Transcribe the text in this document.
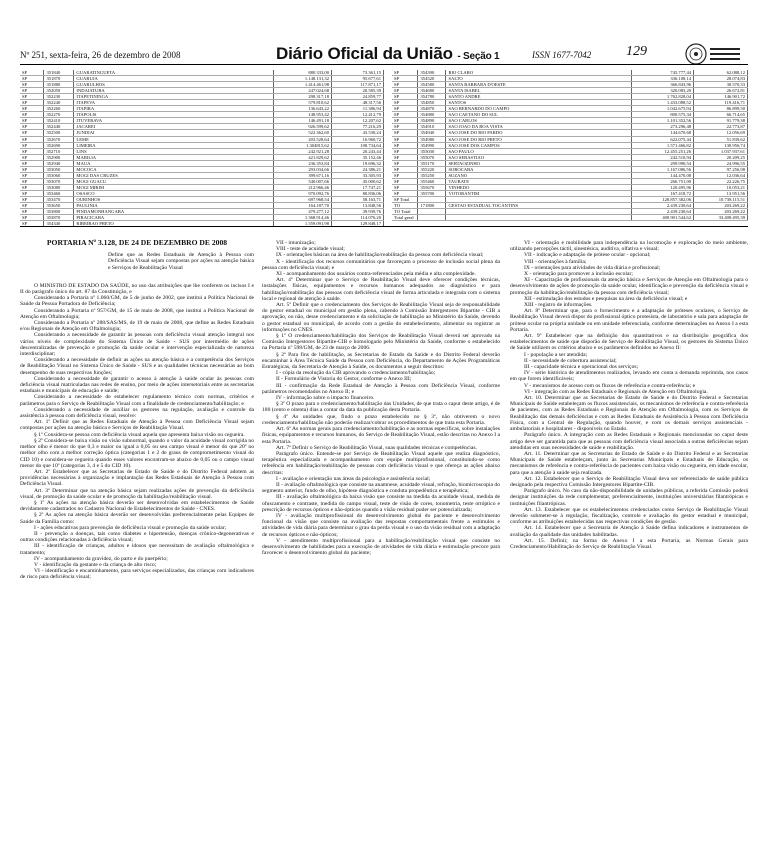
Nº 251, sexta-feira, 26 de dezembro de 2008	Diário Oficial da União - Seção 1	ISSN 1677-7042 129
SP	351840	GUARATINGUETA	880.333,00	73.361,15
SP	351870	GUARUJA	1.148.131,32	95.677,61
SP	351880	GUARULHOS	1.414.461,98	117.871,17
SP	352050	INDAIATUBA	247.024,68	20.585,39
SP	352230	ITAPETININGA	298.317,18	24.859,77
SP	352240	ITAPEVA	579.810,62	48.317,56
SP	352260	ITAPIRA	136.643,22	11.386,94
SP	352270	ITAPOLIS	148.953,42	12.412,79
SP	352410	ITUVERAVA	146.491,18	12.207,62
SP	352440	JACAREI	926.599,62	77.216,29
SP	352500	JUNDIAI	522.362,60	43.530,24
SP	352670	LEME	203.528,64	16.960,72
SP	352690	LIMEIRA	1.304815,62	108.734,64
SP	352710	LINS	242.921,28	20.243,44
SP	352900	MARILIA	421.829,62	35.152,46
SP	352940	MAUA	236.353,84	19.696,32
SP	353050	MOCOCA	293.034,66	24.386,21
SP	353060	MOGI DAS CRUZES	399.671,16	33.305,93
SP	353070	MOGI GUACU	540.007,66	45.000,62
SP	353080	MOGI MIRIM	212.966,46	17.747,21
SP	353460	OSASCO	970.092,76	80.836,06
SP	353470	OURINHOS	697.968,54	58.163,71
SP	353650	PAULINIA	164.187,70	13.848,56
SP	353800	PINDAMONHANGABA	479.277,12	39.939,76
SP	353870	PIRACICABA	1.368.914,46	114.076,20
SP	354340	RIBEIRAO PRETO	1.559.091,98	129.848,17
SP	354390	RIO CLARO	745.777,44	62.088,12
SP	354520	SALTO	336.108,14	28.074,83
SP	354580	SANTA BARBARA D'OESTE	366.843,96	30.570,33
SP	354680	SANTA ISABEL	320.083,20	26.672,81
SP	354780	SANTO ANDRE	1.762.828,04	146.901,72
SP	354850	SANTOS	1.433.088,52	119.416,71
SP	354870	SAO BERNARDO DO CAMPO	1.042.675,94	86.899,50
SP	354880	SAO CAETANO DO SUL	800.575,34	66.714,65
SP	354890	SAO CARLOS	1.101.352,56	91.779,38
SP	354910	SAO JOAO DA BOA VISTA	273.296,48	22.773,87
SP	354940	SAO JOSE DO RIO PARDO	144.670,68	12.056,69
SP	354980	SAO JOSE DO RIO PRETO	622.075,44	51.839,62
SP	354990	SAO JOSE DOS CAMPOS	1.571.466,82	130.956,74
SP	355030	SAO PAULO	12.455.251,26	1.037.937,61
SP	355070	SAO SEBASTIAO	242.510,94	20.209,25
SP	355170	SERTAOZINHO	299.990,54	24.996,55
SP	355220	SOROCABA	1.167.086,56	97.256,98
SP	355250	SUZANO	144.470,08	12.036,64
SP	355460	TAUBATE	266.751,00	22.226,75
SP	355670	VINHEDO	120.495,96	10.053,21
SP	355700	VOTORANTIM	167.418,72	13.951,56
SP Total			128.857.382,06	10.738.115,51
TO	171800	GESTAO ESTADUAL TOCANTINS	2.439.230,64	203.269,22
TO Total			2.439.230,64	203.269,22
Total geral			400.901.544,62	33.408.495,39

PORTARIA Nº 3.128, DE 24 DE DEZEMBRO DE 2008

Define que as Redes Estaduais de Atenção à Pessoa com Deficiência Visual sejam compostas por ações na atenção básica e Serviços de Reabilitação Visual

O MINISTRO DE ESTADO DA SAÚDE, no uso das atribuições que lhe conferem os incisos I e II do parágrafo único do art. 87 da Constituição, e

Considerando a Portaria nº 1.060/GM, de 5 de junho de 2002, que institui a Política Nacional de Saúde da Pessoa Portadora de Deficiência;

Considerando a Portaria nº 957/GM, de 15 de maio de 2008, que institui a Política Nacional de Atenção em Oftalmologia;

Considerando a Portaria nº 288/SAS/MS, de 19 de maio de 2008, que define as Redes Estaduais e/ou Regionais de Atenção em Oftalmologia;

Considerando a necessidade de garantir às pessoas com deficiência visual atenção integral nos vários níveis de complexidade do Sistema Único de Saúde - SUS por intermédio de ações descentralizadas de prevenção e promoção da saúde ocular e intervenção especializada de natureza interdisciplinar;

Considerando a necessidade de definir as ações na atenção básica e a competência dos Serviços de Reabilitação Visual no Sistema Único de Saúde - SUS e as qualidades técnicas necessárias ao bom desempenho de suas respectivas funções;

Considerando a necessidade de garantir o acesso à atenção à saúde ocular às pessoas com deficiência visual matriculadas nas redes de ensino, por meio de ações intersetoriais entre as secretarias estaduais e municipais de educação e saúde;

Considerando a necessidade de estabelecer regulamento técnico com normas, critérios e parâmetros para o Serviço de Reabilitação Visual com a finalidade de credenciamento/habilitação; e

Considerando a necessidade de auxiliar os gestores na regulação, avaliação e controle da assistência à pessoa com deficiência visual, resolve:

Art. 1º Definir que as Redes Estaduais de Atenção à Pessoa com Deficiência Visual sejam compostas por ações na atenção básica e Serviços de Reabilitação Visual.

§ 1º Considera-se pessoa com deficiência visual aquela que apresenta baixa visão ou cegueira.

§ 2º Considera-se baixa visão ou visão subnormal, quando o valor da acuidade visual corrigida no melhor olho é menor do que 0,3 e maior ou igual a 0,05 ou seu campo visual é menor do que 20º no melhor olho com a melhor correção óptica (categorias 1 e 2 de graus de comprometimento visual do CID 10) e considera-se cegueira quando esses valores encontram-se abaixo de 0,05 ou o campo visual menor do que 10º (categorias 3, 4 e 5 do CID 10).

Art. 2º Estabelecer que as Secretarias de Estado de Saúde e do Distrito Federal adotem as providências necessárias à organização e implantação das Redes Estaduais de Atenção à Pessoa com Deficiência Visual.

Art. 3º Determinar que na atenção básica sejam realizadas ações de prevenção da deficiência visual, de promoção da saúde ocular e de promoção da habilitação/reabilitação visual.

§ 1º As ações na atenção básica deverão ser desenvolvidas em estabelecimentos de Saúde devidamente cadastrados no Cadastro Nacional de Estabelecimentos de Saúde - CNES.

§ 2º As ações na atenção básica deverão ser desenvolvidas preferencialmente pelas Equipes de Saúde da Família como:

I - ações educativas para prevenção de deficiência visual e promoção da saúde ocular;

II - prevenção a doenças, tais como diabetes e hipertensão, doenças crônico-degenerativas e outras condições relacionadas à deficiência visual;

III - identificação de crianças, adultos e idosos que necessitam de avaliação oftalmológica e tratamento;

IV - acompanhamento da gravidez, do parto e do puerpério;

V - identificação da gestante e da criança de alto risco;

VI - identificação e encaminhamento, para serviços especializados, das crianças com indicadores de risco para deficiência visual;

VII - imunização;

VIII - teste de acuidade visual;

IX - orientações básicas na área de habilitação/reabilitação da pessoa com deficiência visual;

X - identificação dos recursos comunitários que favoreçam o processo de inclusão social plena da pessoa com deficiência visual; e

XI - acompanhamento dos usuários contra-referenciados pela média e alta complexidade.

Art. 4º Determinar que o Serviço de Reabilitação Visual deve oferecer condições técnicas, instalações físicas, equipamentos e recursos humanos adequados ao diagnóstico e para habilitação/reabilitação das pessoas com deficiência visual de forma articulada e integrada com o sistema local e regional de atenção à saúde.

Art. 5º Definir que o credenciamento dos Serviços de Reabilitação Visual seja de responsabilidade do gestor estadual ou municipal em gestão plena, cabendo à Comissão Intergestores Bipartite - CIB a aprovação, ou não, desse credenciamento e da solicitação de habilitação ao Ministério da Saúde, devendo o gestor estadual ou municipal, de acordo com a gestão do estabelecimento, alimentar ou registrar as informações no CNES.

§ 1º O credenciamento/habilitação dos Serviços de Reabilitação Visual deverá ser aprovado na Comissão Intergestores Bipartite-CIB e homologado pelo Ministério da Saúde, conforme o estabelecido na Portaria nº 598/GM, de 23 de março de 2006.

§ 2º Para fins de habilitação, as Secretarias de Estado da Saúde e do Distrito Federal deverão encaminhar à Área Técnica Saúde da Pessoa com Deficiência, do Departamento de Ações Programáticas Estratégicas, da Secretaria de Atenção à Saúde, os documentos a seguir descritos:

I - cópia da resolução da CIB aprovando o credenciamento/habilitação;

II - Formulário de Vistoria do Gestor, conforme o Anexo III;

III - confirmação da Rede Estadual de Atenção à Pessoa com Deficiência Visual, conforme parâmetros recomendados no Anexo II; e

IV - informação sobre o impacto financeiro.

§ 3º O prazo para o credenciamento/habilitação das Unidades, de que trata o caput deste artigo, é de 180 (cento e oitenta) dias a contar da data da publicação desta Portaria.

§ 4º As unidades que, findo o prazo estabelecido no § 3º, não obtiverem o novo credenciamento/habilitação não poderão realizar/cobrar os procedimentos de que trata esta Portaria.

Art. 6º As normas gerais para credenciamento/habilitação e as normas específicas, sobre instalações físicas, equipamentos e recursos humanos, do Serviço de Reabilitação Visual, estão descritas no Anexo I a esta Portaria.

Art. 7º Definir o Serviço de Reabilitação Visual, suas qualidades técnicas e competências.

Parágrafo único. Entende-se por Serviço de Reabilitação Visual aquele que realiza diagnóstico, terapêutica especializada e acompanhamento com equipe multiprofissional, constituindo-se como referência em habilitação/reabilitação de pessoas com deficiência visual e que ofereça as ações abaixo descritas:

I - avaliação e orientação nas áreas da psicologia e assistência social;

II - avaliação oftalmológica que consiste na anamnese, acuidade visual, refração, biomicroscopia do segmento anterior, fundo de olho, hipótese diagnóstica e conduta propedêutica e terapêutica;

III - avaliação oftalmológica da baixa visão que consiste na medida da acuidade visual, medida de ofuscamento e contraste, medida do campo visual, teste de visão de cores, tonometria, teste ortóptico e prescrição de recursos ópticos e não-ópticos quando a visão residual puder ser potencializada;

IV - avaliação multiprofissional do desenvolvimento global do paciente e desenvolvimento funcional da visão que consiste na avaliação das respostas comportamentais frente a estímulos e atividades de vida diária para determinar o grau da perda visual e o uso da visão residual com a adaptação de recursos ópticos e não-ópticos;

V - atendimento multiprofissional para a habilitação/reabilitação visual que consiste no desenvolvimento de habilidades para a execução de atividades de vida diária e estimulação precoce para favorecer o desenvolvimento global do paciente;

VI - orientação e mobilidade para independência na locomoção e exploração do meio ambiente, utilizando percepções táctil, sinestésica, auditiva, olfativa e visual;

VII - indicação e adaptação de prótese ocular - opcional;

VIII - orientações à família;

IX - orientações para atividades de vida diária e profissional;

X - orientação para promover a inclusão escolar;

XI - Capacitação de profissionais da atenção básica e Serviços de Atenção em Oftalmologia para o desenvolvimento de ações de promoção da saúde ocular, identificação e prevenção da deficiência visual e promoção da habilitação/reabilitação da pessoa com deficiência visual;

XII - estimulação dos estudos e pesquisas na área da deficiência visual; e

XIII - registro de informações.

Art. 8º Determinar que, para o fornecimento e a adaptação de próteses oculares, o Serviço de Reabilitação Visual deverá dispor do profissional óptico protesista, de laboratório e sala para adaptação de prótese ocular na própria unidade ou em unidade referenciada, conforme determinações no Anexo I a esta Portaria.

Art. 9º Estabelecer que na definição dos quantitativos e na distribuição geográfica dos estabelecimentos de saúde que disporão de Serviço de Reabilitação Visual, os gestores do Sistema Único de Saúde utilizem os critérios abaixo e os parâmetros definidos no Anexo II:

I - população a ser atendida;

II - necessidade de cobertura assistencial;

III - capacidade técnica e operacional dos serviços;

IV - série histórica de atendimentos realizados, levando em conta a demanda reprimida, nos casos em que forem identificáveis;

V - mecanismos de acesso com os fluxos de referência e contra-referência; e

VI - integração com as Redes Estaduais e Regionais de Atenção em Oftalmologia.

Art. 10. Determinar que as Secretarias de Estado de Saúde e do Distrito Federal e Secretarias Municipais de Saúde estabeleçam os fluxos assistenciais, os mecanismos de referência e contra-referência de pacientes, com as Redes Estaduais e Regionais de Atenção em Oftalmologia, com os Serviços de Reabilitação das demais deficiências e com as Redes Estaduais de Assistência à Pessoa com Deficiência Física, com a Central de Regulação, quando houver, e com os demais serviços assistenciais - ambulatoriais e hospitalares - disponíveis no Estado.

Parágrafo único. A integração com as Redes Estaduais e Regionais mencionadas no caput deste artigo deve ser garantida para que as pessoas com deficiência visual associada a outras deficiências sejam atendidas em suas necessidades de saúde e reabilitação.

Art. 11. Determinar que as Secretarias de Estado de Saúde e do Distrito Federal e as Secretarias Municipais de Saúde estabeleçam, junto às Secretarias Municipais e Estaduais de Educação, os mecanismos de referência e contra-referência de pacientes com baixa visão ou cegueira, em idade escolar, para que a atenção à saúde seja realizada.

Art. 12. Estabelecer que o Serviço de Reabilitação Visual deva ser referenciado de saúde pública designado pela respectiva Comissão Intergestores Bipartite-CIB.

Parágrafo único. No caso da não-disponibilidade de unidades públicas, a referida Comissão poderá designar instituições da rede complementar, preferencialmente, instituições universitárias filantrópicas e instituições filantrópicas.

Art. 13. Estabelecer que os estabelecimentos credenciados como Serviço de Reabilitação Visual deverão submeter-se à regulação, fiscalização, controle e avaliação do gestor estadual e municipal, conforme as atribuições estabelecidas nas respectivas condições de gestão.

Art. 14. Estabelecer que a Secretaria de Atenção à Saúde defina indicadores e instrumentos de avaliação da qualidade das unidades habilitadas.

Art. 15. Definir, na forma do Anexo I a esta Portaria, as Normas Gerais para Credenciamento/Habilitação do Serviço de Reabilitação Visual.
